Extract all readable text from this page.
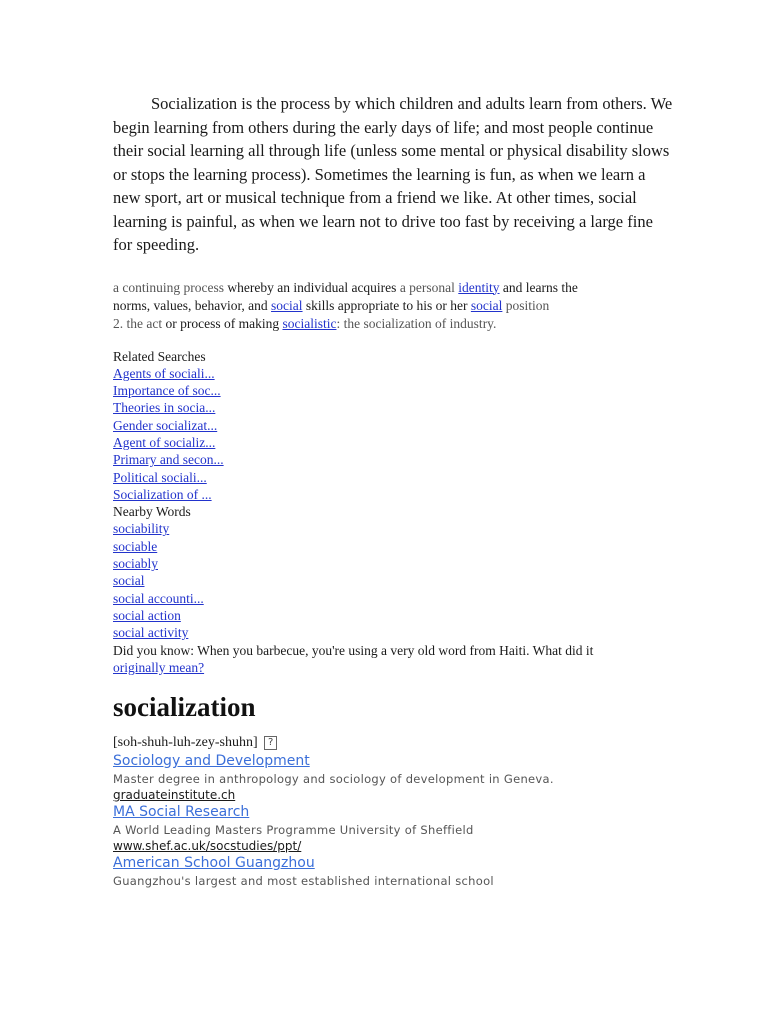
Socialization is the process by which children and adults learn from others. We begin learning from others during the early days of life; and most people continue their social learning all through life (unless some mental or physical disability slows or stops the learning process). Sometimes the learning is fun, as when we learn a new sport, art or musical technique from a friend we like. At other times, social learning is painful, as when we learn not to drive too fast by receiving a large fine for speeding.

a continuing process whereby an individual acquires a personal identity and learns the
norms, values, behavior, and social skills appropriate to his or her social position
2. the act or process of making socialistic: the socialization of industry.
Related Searches
Agents of sociali...
Importance of soc...
Theories in socia...
Gender socializat...
Agent of socializ...
Primary and secon...
Political sociali...
Socialization of ...
Nearby Words
sociability
sociable
sociably
social
social accounti...
social action
social activity
Did you know: When you barbecue, you're using a very old word from Haiti. What did it
originally mean?
socialization
[soh-shuh-luh-zey-shuhn] ?
Sociology and Development
Master degree in anthropology and sociology of development in Geneva.
graduateinstitute.ch
MA Social Research
A World Leading Masters Programme University of Sheffield
www.shef.ac.uk/socstudies/ppt/
American School Guangzhou
Guangzhou's largest and most established international school
